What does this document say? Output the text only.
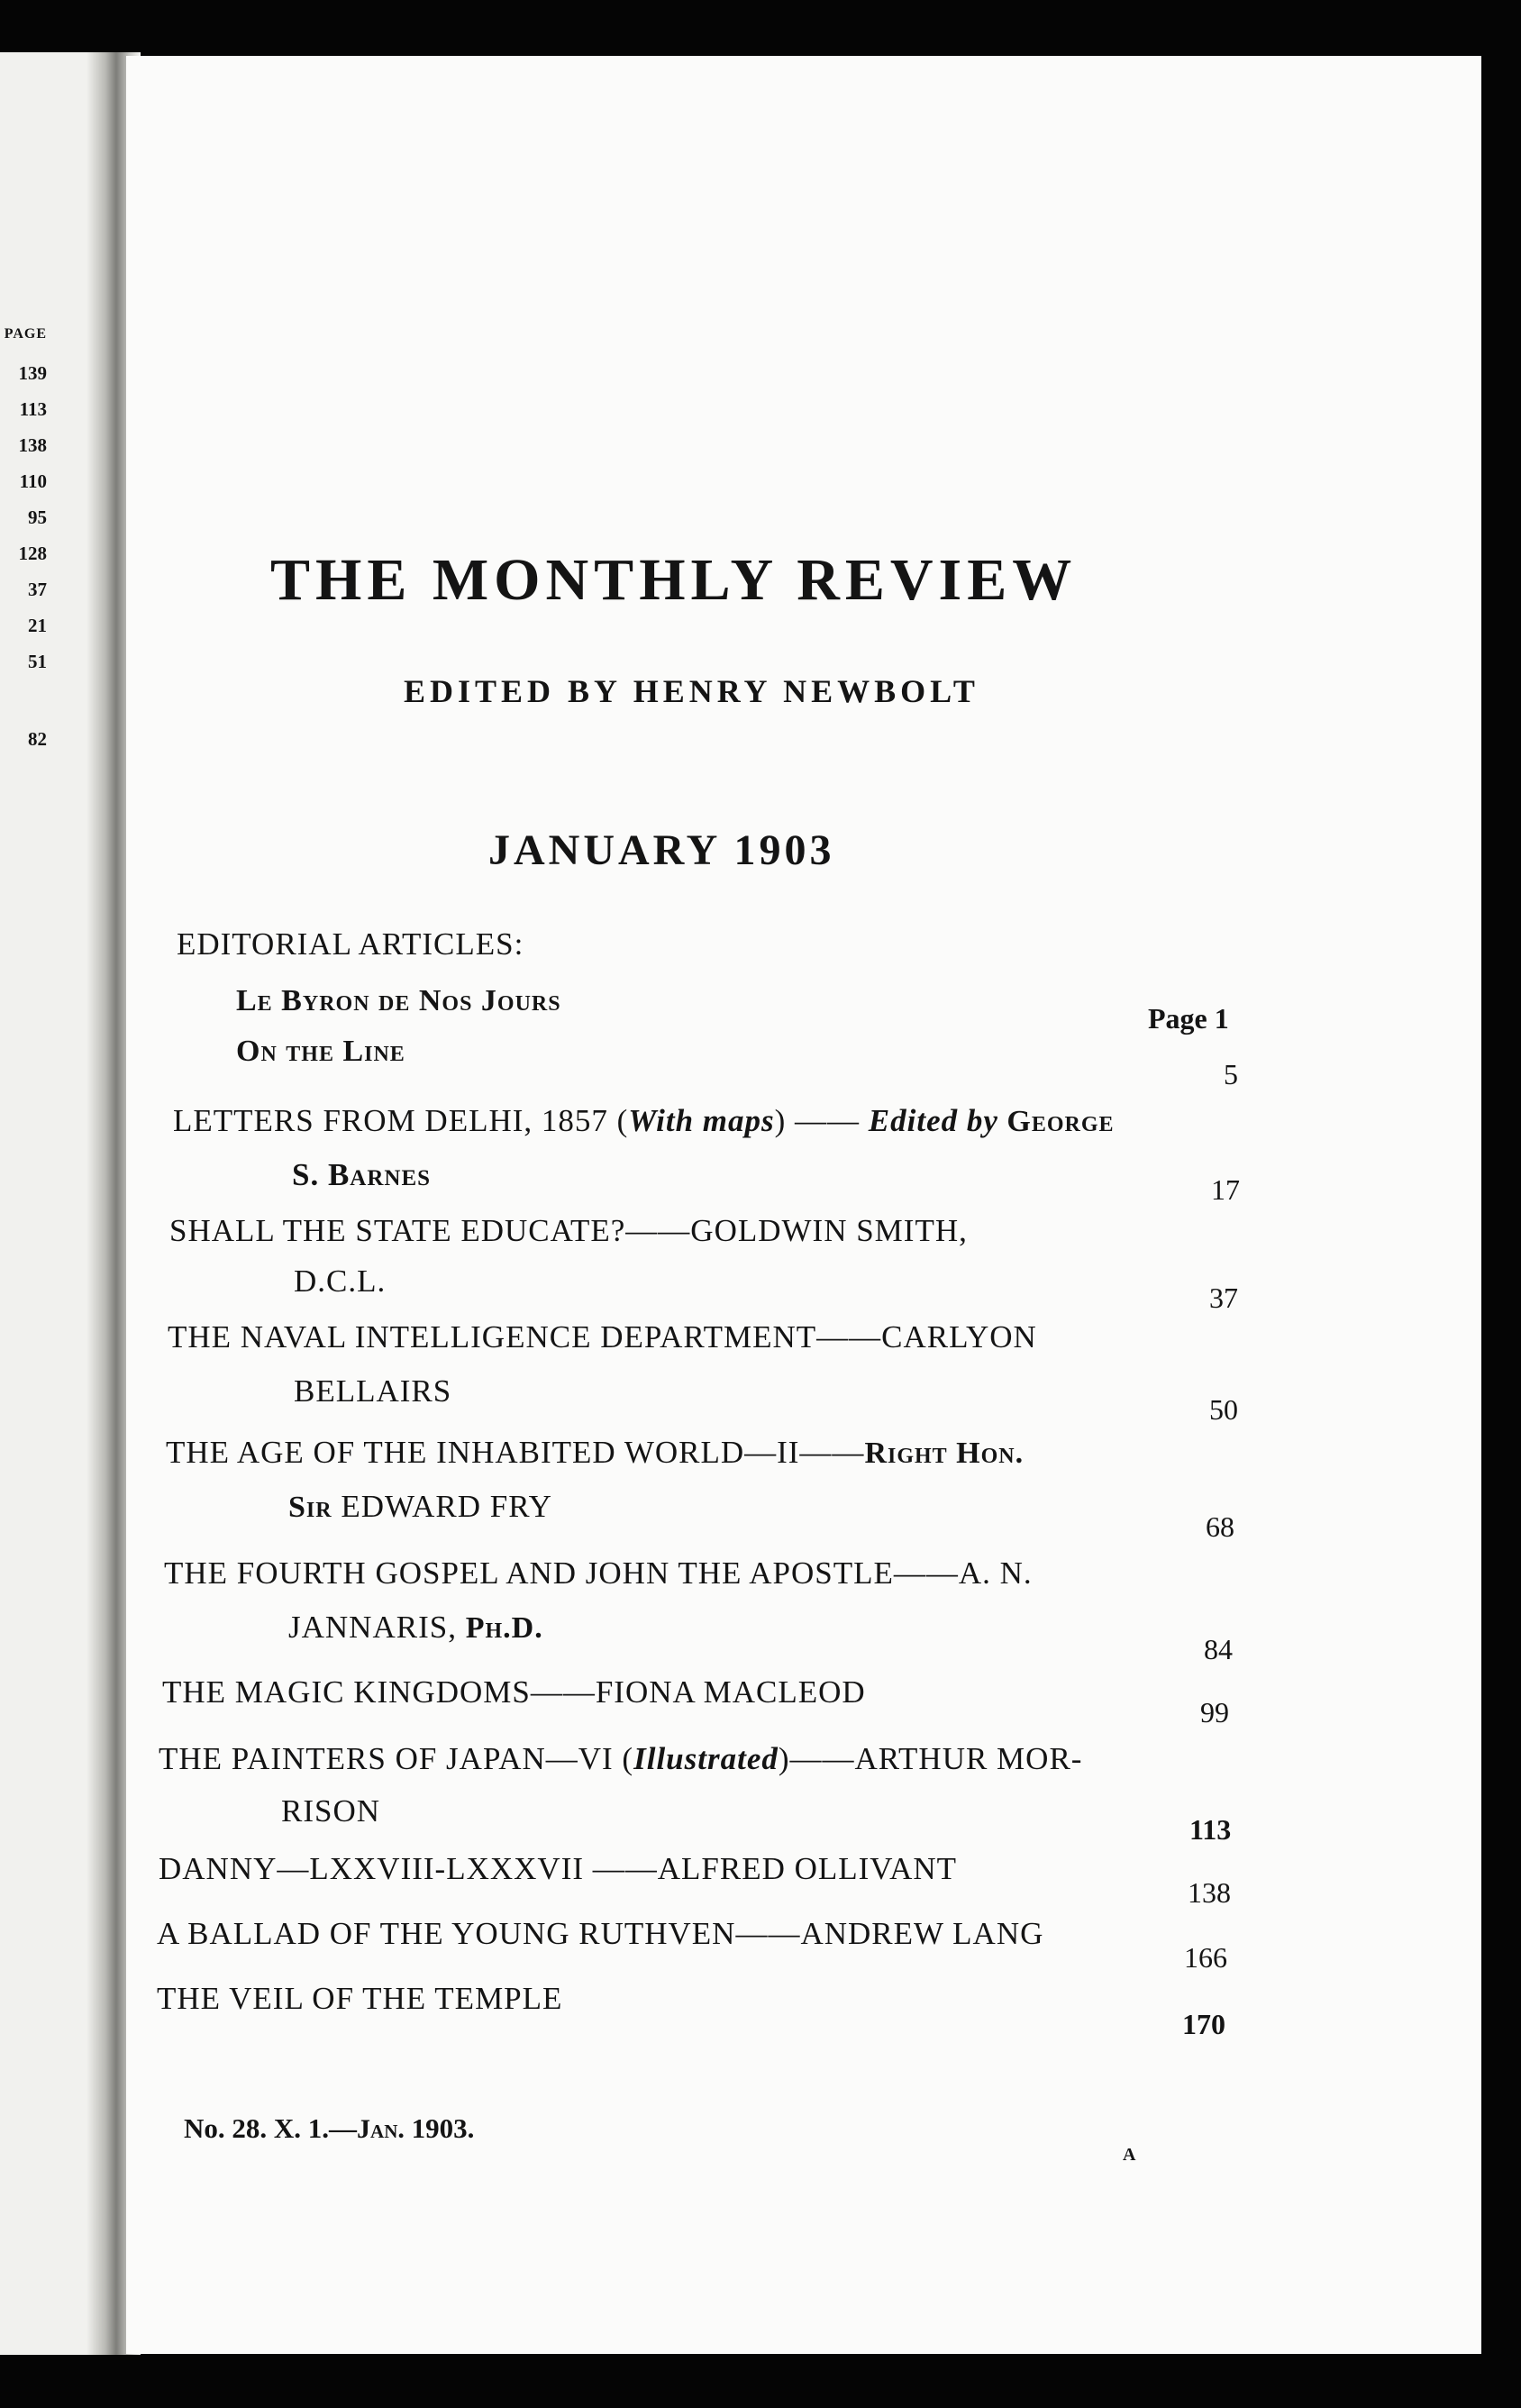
PAGE
139
113
138
110
95
128
37
21
51
82
THE MONTHLY REVIEW
EDITED BY HENRY NEWBOLT
JANUARY 1903
EDITORIAL ARTICLES:
Le Byron de Nos Jours
Page 1
On the Line
5
LETTERS FROM DELHI, 1857 (With maps) —— Edited by George
S. Barnes	17
SHALL THE STATE EDUCATE?——GOLDWIN SMITH,
D.C.L.	37
THE NAVAL INTELLIGENCE DEPARTMENT——CARLYON
BELLAIRS
50
THE AGE OF THE INHABITED WORLD—II——Right Hon.
Sir EDWARD FRY
68
THE FOURTH GOSPEL AND JOHN THE APOSTLE——A. N.
JANNARIS, Ph.D.
84
THE MAGIC KINGDOMS——FIONA MACLEOD
99
THE PAINTERS OF JAPAN—VI (Illustrated)——ARTHUR MOR-
RISON
113
DANNY—LXXVIII-LXXXVII ——ALFRED OLLIVANT
138
A BALLAD OF THE YOUNG RUTHVEN——ANDREW LANG
166
THE VEIL OF THE TEMPLE
170
No. 28. X. 1.—Jan. 1903.
A
